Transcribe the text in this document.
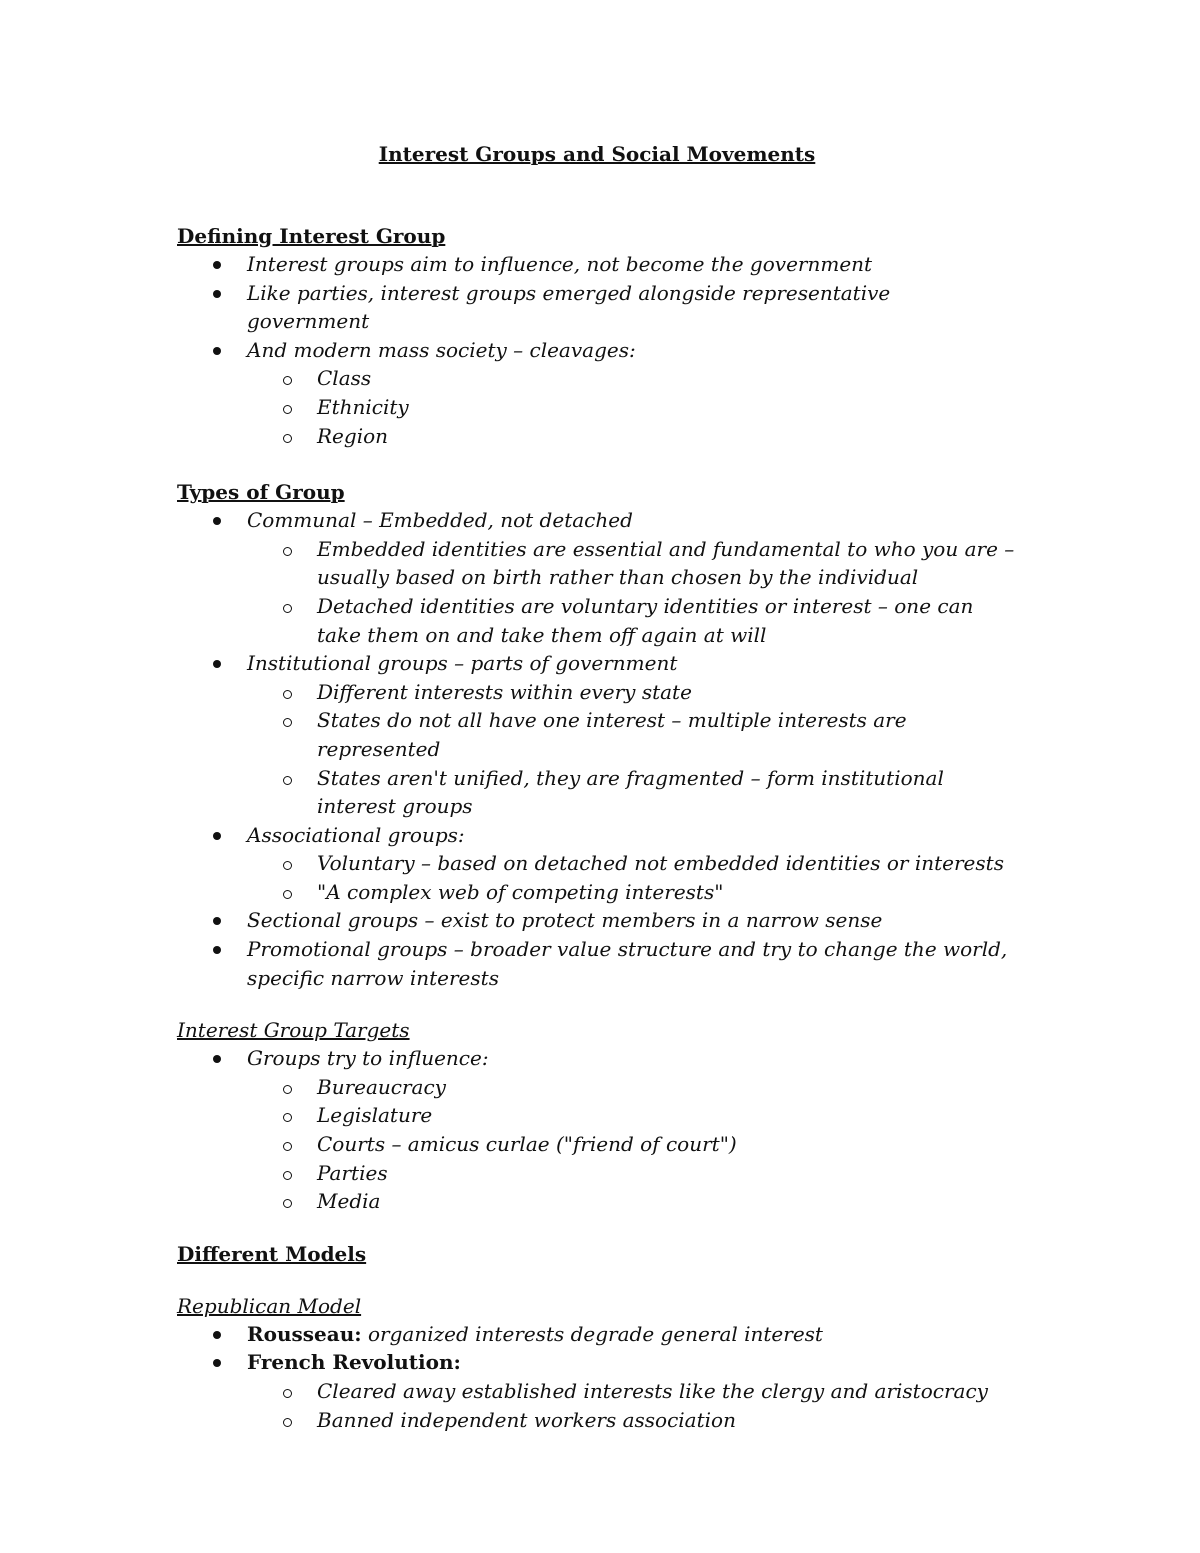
Interest Groups and Social Movements
Defining Interest Group
Interest groups aim to influence, not become the government
Like parties, interest groups emerged alongside representative government
And modern mass society – cleavages:
Class
Ethnicity
Region
Types of Group
Communal – Embedded, not detached
Embedded identities are essential and fundamental to who you are – usually based on birth rather than chosen by the individual
Detached identities are voluntary identities or interest – one can take them on and take them off again at will
Institutional groups – parts of government
Different interests within every state
States do not all have one interest – multiple interests are represented
States aren't unified, they are fragmented – form institutional interest groups
Associational groups:
Voluntary – based on detached not embedded identities or interests
"A complex web of competing interests"
Sectional groups – exist to protect members in a narrow sense
Promotional groups – broader value structure and try to change the world, specific narrow interests
Interest Group Targets
Groups try to influence:
Bureaucracy
Legislature
Courts – amicus curlae ("friend of court")
Parties
Media
Different Models
Republican Model
Rousseau: organized interests degrade general interest
French Revolution:
Cleared away established interests like the clergy and aristocracy
Banned independent workers association
